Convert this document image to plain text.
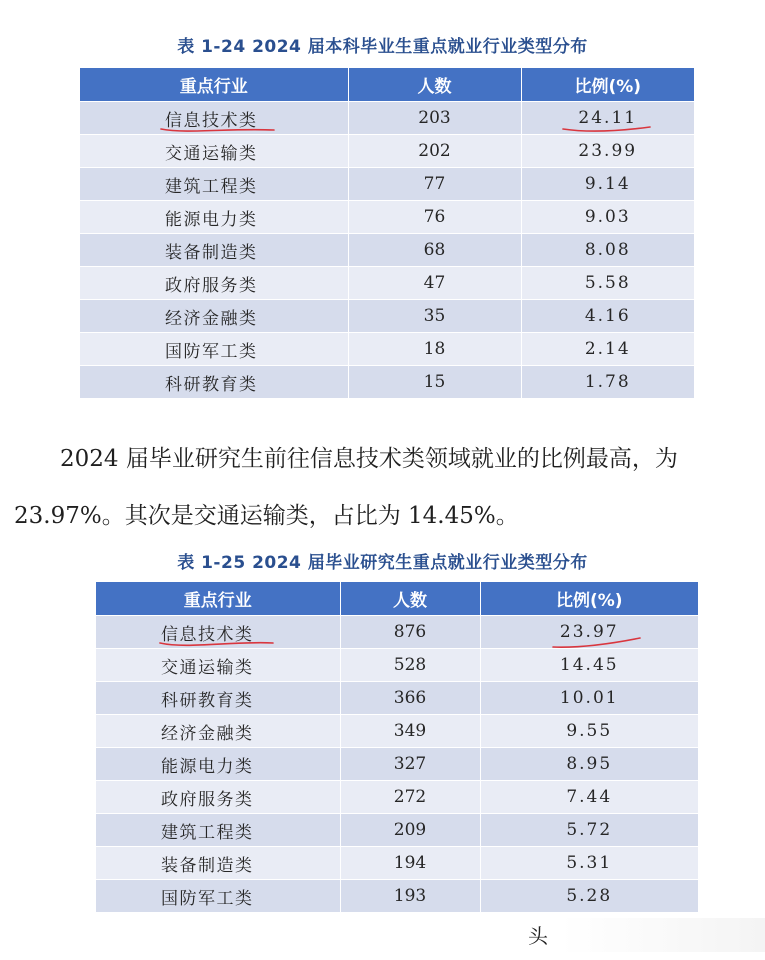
表 1-24 2024 届本科毕业生重点就业行业类型分布
重点行业	人数	比例(%)
信息技术类	203	24.11
交通运输类	202	23.99
建筑工程类	77	9.14
能源电力类	76	9.03
装备制造类	68	8.08
政府服务类	47	5.58
经济金融类	35	4.16
国防军工类	18	2.14
科研教育类	15	1.78
2024 届毕业研究生前往信息技术类领域就业的比例最高，为
23.97%。其次是交通运输类，占比为 14.45%。
表 1-25 2024 届毕业研究生重点就业行业类型分布
重点行业	人数	比例(%)
信息技术类	876	23.97
交通运输类	528	14.45
科研教育类	366	10.01
经济金融类	349	9.55
能源电力类	327	8.95
政府服务类	272	7.44
建筑工程类	209	5.72
装备制造类	194	5.31
国防军工类	193	5.28
头
